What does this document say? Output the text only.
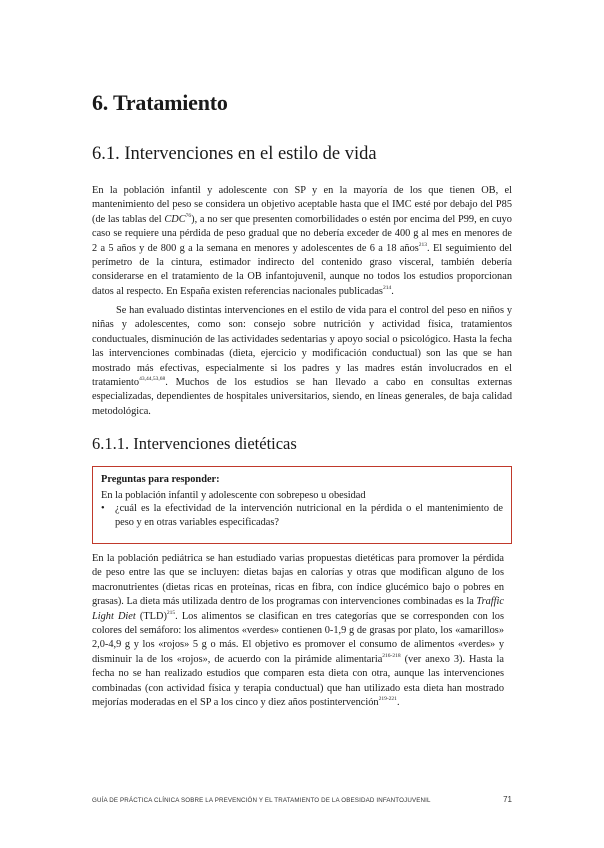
6. Tratamiento
6.1. Intervenciones en el estilo de vida

En la población infantil y adolescente con SP y en la mayoría de los que tienen OB, el mantenimiento del peso se considera un objetivo aceptable hasta que el IMC esté por debajo del P85 (de las tablas del CDC$^{76}$), a no ser que presenten comorbilidades o estén por encima del P99, en cuyo caso se requiere una pérdida de peso gradual que no debería exceder de 400 g al mes en menores de 2 a 5 años y de 800 g a la semana en menores y adolescentes de 6 a 18 años$^{213}$. El seguimiento del perímetro de la cintura, estimador indirecto del contenido graso visceral, también debería considerarse en el tratamiento de la OB infantojuvenil, aunque no todos los estudios proporcionan datos al respecto. En España existen referencias nacionales publicadas$^{214}$.

Se han evaluado distintas intervenciones en el estilo de vida para el control del peso en niños y niñas y adolescentes, como son: consejo sobre nutrición y actividad física, tratamientos conductuales, disminución de las actividades sedentarias y apoyo social o psicológico. Hasta la fecha las intervenciones combinadas (dieta, ejercicio y modificación conductual) son las que se han mostrado más efectivas, especialmente si los padres y las madres están involucrados en el tratamiento$^{43,44,53,68}$. Muchos de los estudios se han llevado a cabo en consultas externas especializadas, dependientes de hospitales universitarios, siendo, en líneas generales, de baja calidad metodológica.

6.1.1. Intervenciones dietéticas
Preguntas para responder:
En la población infantil y adolescente con sobrepeso u obesidad
•	¿cuál es la efectividad de la intervención nutricional en la pérdida o el mantenimiento de peso y en otras variables especificadas?

En la población pediátrica se han estudiado varias propuestas dietéticas para promover la pérdida de peso entre las que se incluyen: dietas bajas en calorías y otras que modifican alguno de los macronutrientes (dietas ricas en proteínas, ricas en fibra, con índice glucémico bajo o pobres en grasas). La dieta más utilizada dentro de los programas con intervenciones combinadas es la Traffic Light Diet (TLD)$^{215}$. Los alimentos se clasifican en tres categorías que se corresponden con los colores del semáforo: los alimentos «verdes» contienen 0-1,9 g de grasas por plato, los «amarillos» 2,0-4,9 g y los «rojos» 5 g o más. El objetivo es promover el consumo de alimentos «verdes» y disminuir la de los «rojos», de acuerdo con la pirámide alimentaria$^{216-218}$ (ver anexo 3). Hasta la fecha no se han realizado estudios que comparen esta dieta con otra, aunque las intervenciones combinadas (con actividad física y terapia conductual) que han utilizado esta dieta han mostrado mejorías moderadas en el SP a los cinco y diez años postintervención$^{219-221}$.

GUÍA DE PRÁCTICA CLÍNICA SOBRE LA PREVENCIÓN Y EL TRATAMIENTO DE LA OBESIDAD INFANTOJUVENIL	71
